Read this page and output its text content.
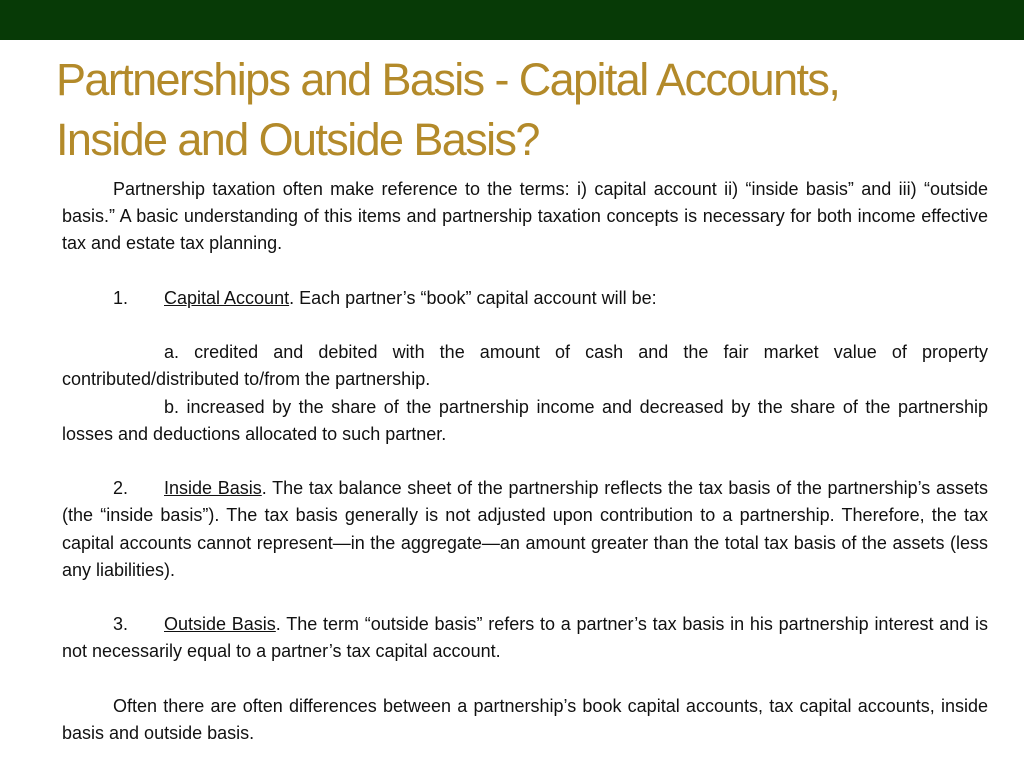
Partnerships and Basis - Capital Accounts,
Inside and Outside Basis?

Partnership taxation often make reference to the terms: i) capital account ii) “inside basis” and iii) “outside basis.” A basic understanding of this items and partnership taxation concepts is necessary for both income effective tax and estate tax planning.

1. Capital Account. Each partner’s “book” capital account will be:

a. credited and debited with the amount of cash and the fair market value of property contributed/distributed to/from the partnership.

b. increased by the share of the partnership income and decreased by the share of the partnership losses and deductions allocated to such partner.

2. Inside Basis. The tax balance sheet of the partnership reflects the tax basis of the partnership’s assets (the “inside basis”). The tax basis generally is not adjusted upon contribution to a partnership. Therefore, the tax capital accounts cannot represent—in the aggregate—an amount greater than the total tax basis of the assets (less any liabilities).

3. Outside Basis. The term “outside basis” refers to a partner’s tax basis in his partnership interest and is not necessarily equal to a partner’s tax capital account.

Often there are often differences between a partnership’s book capital accounts, tax capital accounts, inside basis and outside basis.
